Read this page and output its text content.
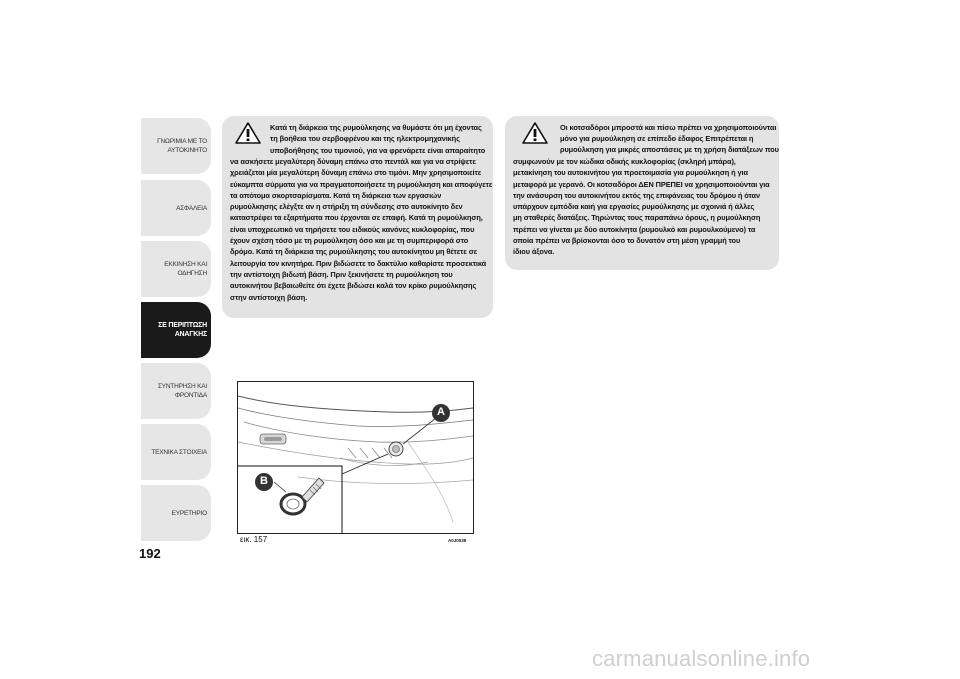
ΓΝΩΡΙΜΙΑ ΜΕ ΤΟ ΑΥΤΟΚΙΝΗΤΟ
ΑΣΦΑΛΕΙΑ
ΕΚΚΙΝΗΣΗ ΚΑΙ ΟΔΗΓΗΣΗ
ΣΕ ΠΕΡΙΠΤΩΣΗ ΑΝΑΓΚΗΣ
ΣΥΝΤΗΡΗΣΗ ΚΑΙ ΦΡΟΝΤΙΔΑ
ΤΕΧΝΙΚΑ ΣΤΟΙΧΕΙΑ
ΕΥΡΕΤΗΡΙΟ
192
Κατά τη διάρκεια της ρυμούλκησης να θυμάστε ότι μη έχοντας
τη βοήθεια του σερβοφρένου και της ηλεκτρομηχανικής
υποβοήθησης του τιμονιού, για να φρενάρετε είναι απαραίτητο
να ασκήσετε μεγαλύτερη δύναμη επάνω στο πεντάλ και για να στρίψετε
χρειάζεται μία μεγαλύτερη δύναμη επάνω στο τιμόνι. Μην χρησιμοποιείτε
εύκαμπτα σύρματα για να πραγματοποιήσετε τη ρυμούλκηση και αποφύγετε
τα απότομα σκορτσαρίσματα. Κατά τη διάρκεια των εργασιών
ρυμούλκησης ελέγξτε αν η στήριξη τη σύνδεσης στο αυτοκίνητο δεν
καταστρέφει τα εξαρτήματα που έρχονται σε επαφή. Κατά τη ρυμούλκηση,
είναι υποχρεωτικό να τηρήσετε του ειδικούς κανόνες κυκλοφορίας, που
έχουν σχέση τόσο με τη ρυμούλκηση όσο και με τη συμπεριφορά στο
δρόμο. Κατά τη διάρκεια της ρυμούλκησης του αυτοκίνητου μη θέτετε σε
λειτουργία τον κινητήρα. Πριν βιδώσετε το δακτύλιο καθαρίστε προσεκτικά
την αντίστοιχη βιδωτή βάση. Πριν ξεκινήσετε τη ρυμούλκηση του
αυτοκινήτου βεβαιωθείτε ότι έχετε βιδώσει καλά τον κρίκο ρυμούλκησης
στην αντίστοιχη βάση.
Οι κοτσαδόροι μπροστά και πίσω πρέπει να χρησιμοποιούνται
μόνο για ρυμούλκηση σε επίπεδο έδαφος Επιτρέπεται η
ρυμούλκηση για μικρές αποστάσεις με τη χρήση διατάξεων που
συμφωνούν με τον κώδικα οδικής κυκλοφορίας (σκληρή μπάρα),
μετακίνηση του αυτοκινήτου για προετοιμασία για ρυμούλκηση ή για
μεταφορά με γερανό. Οι κοτσαδόροι ΔΕΝ ΠΡΕΠΕΙ να χρησιμοποιούνται για
την ανάσυρση του αυτοκινήτου εκτός της επιφάνειας του δρόμου ή όταν
υπάρχουν εμπόδια καιή για εργασίες ρυμούλκησης με σχοινιά ή άλλες
μη σταθερές διατάξεις. Τηρώντας τους παραπάνω όρους, η ρυμούλκηση
πρέπει να γίνεται με δύο αυτοκίνητα (ρυμουλκό και ρυμουλκούμενο) τα
οποία πρέπει να βρίσκονται όσο το δυνατόν στη μέση γραμμή του
ίδιου άξονα.
A
B
εικ. 157	A0J0039
carmanualsonline.info
